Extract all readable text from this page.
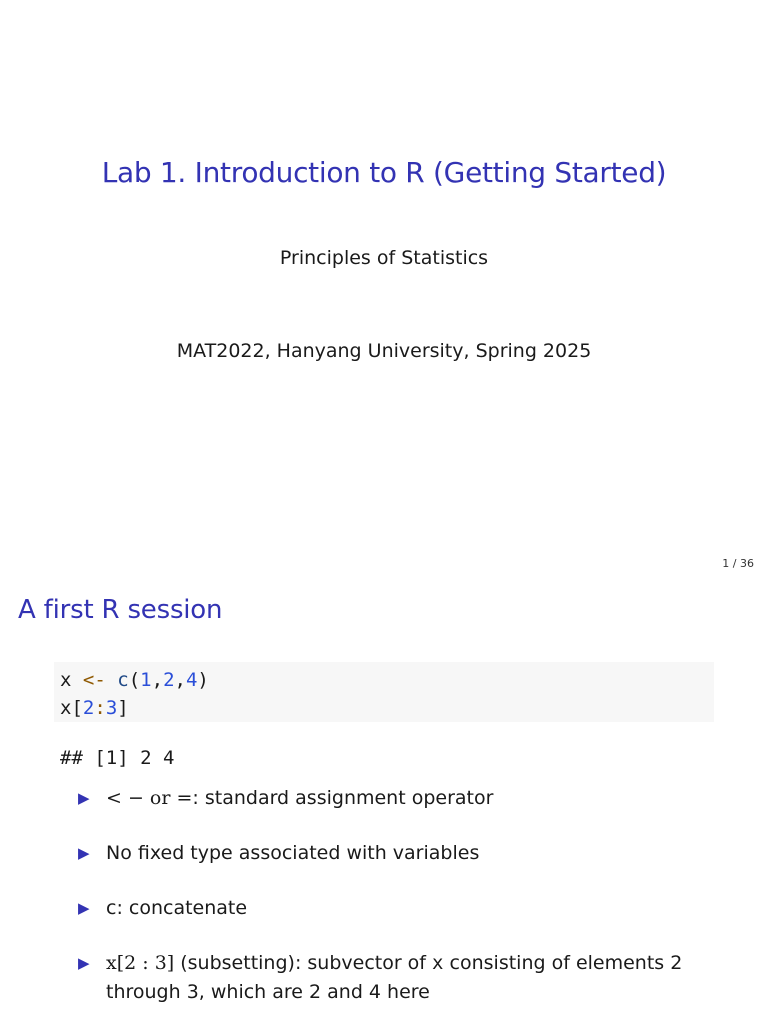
Lab 1. Introduction to R (Getting Started)
Principles of Statistics
MAT2022, Hanyang University, Spring 2025
1 / 36
A first R session
x <- c(1,2,4)
x[2:3]
## [1] 2 4
▶ < − or =: standard assignment operator
▶ No fixed type associated with variables
▶ c: concatenate
▶ x[2 : 3] (subsetting): subvector of x consisting of elements 2 through 3, which are 2 and 4 here
